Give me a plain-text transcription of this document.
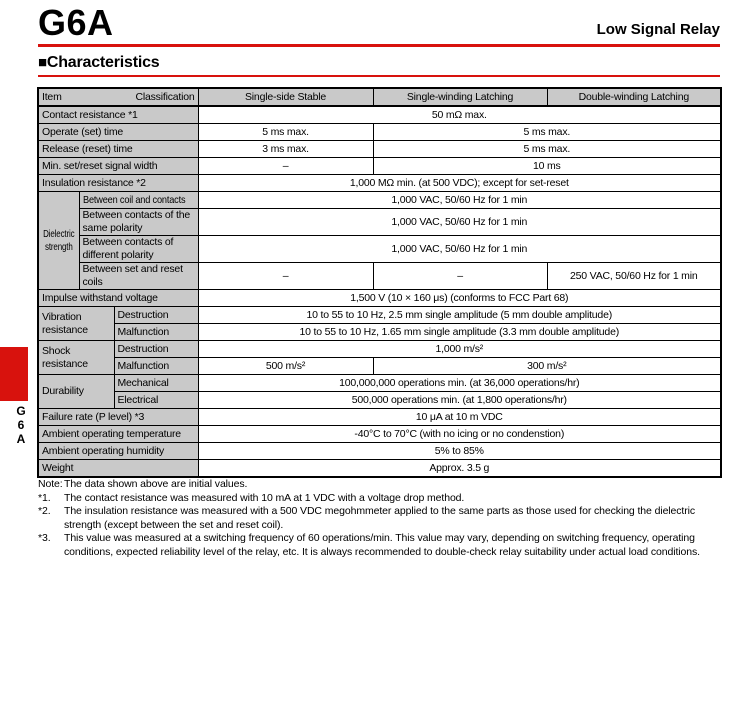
G6A	Low Signal Relay
■Characteristics
Item Classification			Single-side Stable	Single-winding Latching	Double-winding Latching
Contact resistance *1			50 mΩ max.		
Operate (set) time			5 ms max.	5 ms max.	
Release (reset) time			3 ms max.	5 ms max.	
Min. set/reset signal width			–	10 ms	
Insulation resistance *2			1,000 MΩ min. (at 500 VDC); except for set-reset		
Dielectric strength	Between coil and contacts		1,000 VAC, 50/60 Hz for 1 min		
	Between contacts of the same polarity		1,000 VAC, 50/60 Hz for 1 min		
	Between contacts of different polarity		1,000 VAC, 50/60 Hz for 1 min		
	Between set and reset coils		–	–	250 VAC, 50/60 Hz for 1 min
Impulse withstand voltage			1,500 V (10 × 160 μs) (conforms to FCC Part 68)		
Vibration resistance		Destruction	10 to 55 to 10 Hz, 2.5 mm single amplitude (5 mm double amplitude)		
		Malfunction	10 to 55 to 10 Hz, 1.65 mm single amplitude (3.3 mm double amplitude)		
Shock resistance		Destruction	1,000 m/s²		
		Malfunction	500 m/s²	300 m/s²	
Durability		Mechanical	100,000,000 operations min. (at 36,000 operations/hr)		
		Electrical	500,000 operations min. (at 1,800 operations/hr)		
Failure rate (P level) *3			10 μA at 10 m VDC		
Ambient operating temperature			-40°C to 70°C (with no icing or no condenstion)		
Ambient operating humidity			5% to 85%		
Weight			Approx. 3.5 g		
Note: The data shown above are initial values.
*1.	The contact resistance was measured with 10 mA at 1 VDC with a voltage drop method.
*2.	The insulation resistance was measured with a 500 VDC megohmmeter applied to the same parts as those used for checking the dielectric strength (except between the set and reset coil).
*3.	This value was measured at a switching frequency of 60 operations/min. This value may vary, depending on switching frequency, operating conditions, expected reliability level of the relay, etc. It is always recommended to double-check relay suitability under actual load conditions.
G
6
A
